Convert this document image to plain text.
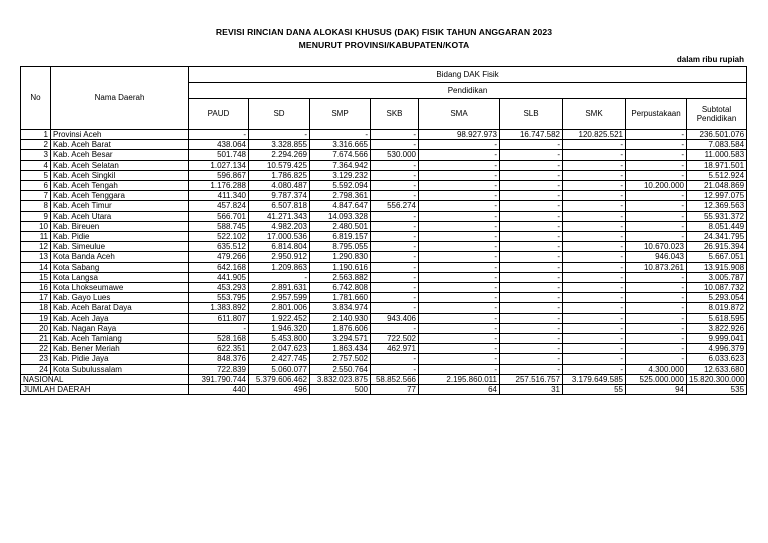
REVISI RINCIAN DANA ALOKASI KHUSUS (DAK) FISIK TAHUN ANGGARAN 2023
MENURUT PROVINSI/KABUPATEN/KOTA
dalam ribu rupiah
No	Nama Daerah	Bidang DAK Fisik								
		Pendidikan								
		PAUD	SD	SMP	SKB	SMA	SLB	SMK	Perpustakaan	Subtotal Pendidikan
1	Provinsi Aceh	-	-	-	-	98.927.973	16.747.582	120.825.521	-	236.501.076
2	Kab. Aceh Barat	438.064	3.328.855	3.316.665	-	-	-	-	-	7.083.584
3	Kab. Aceh Besar	501.748	2.294.269	7.674.566	530.000	-	-	-	-	11.000.583
4	Kab. Aceh Selatan	1.027.134	10.579.425	7.364.942	-	-	-	-	-	18.971.501
5	Kab. Aceh Singkil	596.867	1.786.825	3.129.232	-	-	-	-	-	5.512.924
6	Kab. Aceh Tengah	1.176.288	4.080.487	5.592.094	-	-	-	-	10.200.000	21.048.869
7	Kab. Aceh Tenggara	411.340	9.787.374	2.798.361	-	-	-	-	-	12.997.075
8	Kab. Aceh Timur	457.824	6.507.818	4.847.647	556.274	-	-	-	-	12.369.563
9	Kab. Aceh Utara	566.701	41.271.343	14.093.328	-	-	-	-	-	55.931.372
10	Kab. Bireuen	588.745	4.982.203	2.480.501	-	-	-	-	-	8.051.449
11	Kab. Pidie	522.102	17.000.536	6.819.157	-	-	-	-	-	24.341.795
12	Kab. Simeulue	635.512	6.814.804	8.795.055	-	-	-	-	10.670.023	26.915.394
13	Kota Banda Aceh	479.266	2.950.912	1.290.830	-	-	-	-	946.043	5.667.051
14	Kota Sabang	642.168	1.209.863	1.190.616	-	-	-	-	10.873.261	13.915.908
15	Kota Langsa	441.905	-	2.563.882	-	-	-	-	-	3.005.787
16	Kota Lhokseumawe	453.293	2.891.631	6.742.808	-	-	-	-	-	10.087.732
17	Kab. Gayo Lues	553.795	2.957.599	1.781.660	-	-	-	-	-	5.293.054
18	Kab. Aceh Barat Daya	1.383.892	2.801.006	3.834.974	-	-	-	-	-	8.019.872
19	Kab. Aceh Jaya	611.807	1.922.452	2.140.930	943.406	-	-	-	-	5.618.595
20	Kab. Nagan Raya	-	1.946.320	1.876.606	-	-	-	-	-	3.822.926
21	Kab. Aceh Tamiang	528.168	5.453.800	3.294.571	722.502	-	-	-	-	9.999.041
22	Kab. Bener Meriah	622.351	2.047.623	1.863.434	462.971	-	-	-	-	4.996.379
23	Kab. Pidie Jaya	848.376	2.427.745	2.757.502	-	-	-	-	-	6.033.623
24	Kota Subulussalam	722.839	5.060.077	2.550.764	-	-	-	-	4.300.000	12.633.680
NASIONAL		391.790.744	5.379.606.462	3.832.023.875	58.852.566	2.195.860.011	257.516.757	3.179.649.585	525.000.000	15.820.300.000
JUMLAH DAERAH		440	496	500	77	64	31	55	94	535
